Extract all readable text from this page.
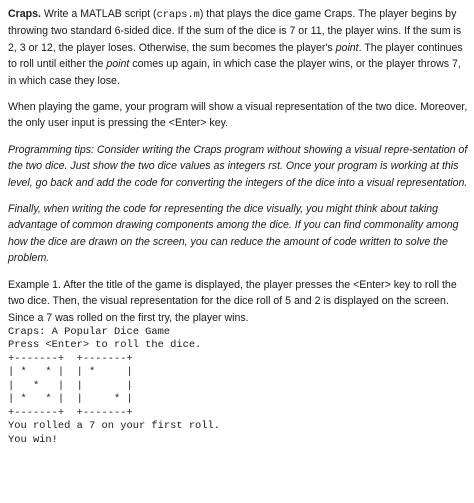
Craps. Write a MATLAB script (craps.m) that plays the dice game Craps. The player begins by throwing two standard 6-sided dice. If the sum of the dice is 7 or 11, the player wins. If the sum is 2, 3 or 12, the player loses. Otherwise, the sum becomes the player's point. The player continues to roll until either the point comes up again, in which case the player wins, or the player throws 7, in which case they lose.

When playing the game, your program will show a visual representation of the two dice. Moreover, the only user input is pressing the <Enter> key.

Programming tips: Consider writing the Craps program without showing a visual repre-sentation of the two dice. Just show the two dice values as integers rst. Once your program is working at this level, go back and add the code for converting the integers of the dice into a visual representation.

Finally, when writing the code for representing the dice visually, you might think about taking advantage of common drawing components among the dice. If you can find commonality among how the dice are drawn on the screen, you can reduce the amount of code written to solve the problem.

Example 1. After the title of the game is displayed, the player presses the <Enter> key to roll the two dice. Then, the visual representation for the dice roll of 5 and 2 is displayed on the screen. Since a 7 was rolled on the first try, the player wins.

Craps: A Popular Dice Game
Press <Enter> to roll the dice.
+-------+  +-------+
| *   * |  | *     |
|   *   |  |       |
| *   * |  |     * |
+-------+  +-------+
You rolled a 7 on your first roll.
You win!
